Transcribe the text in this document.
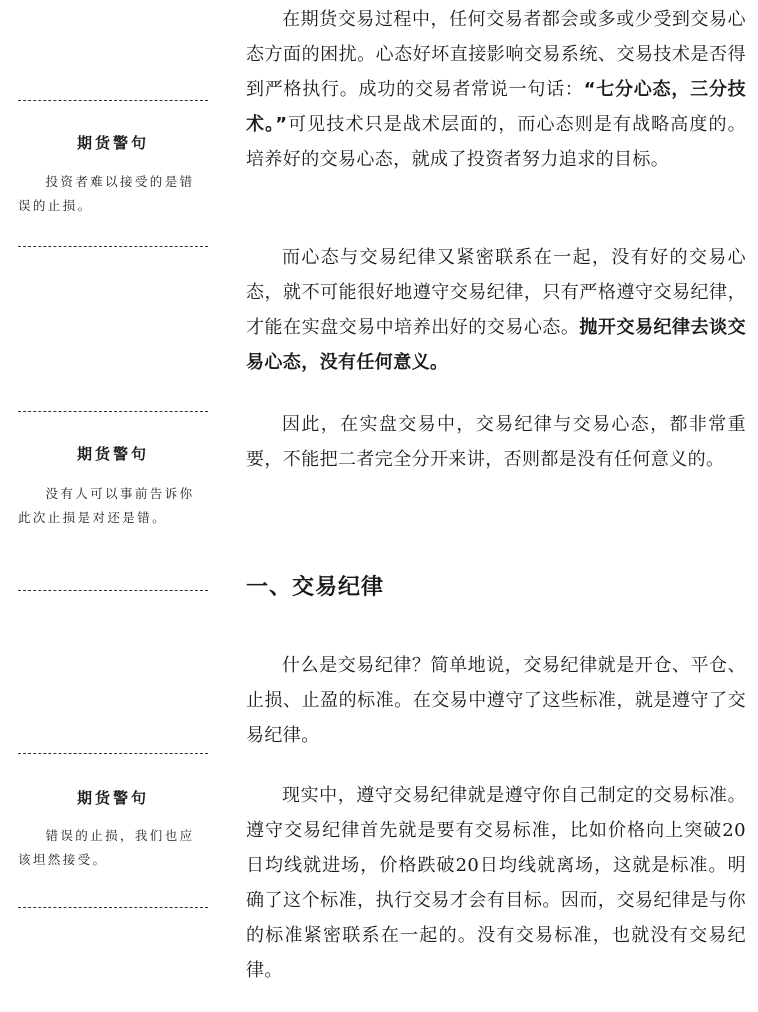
期货警句

投资者难以接受的是错误的止损。

期货警句

没有人可以事前告诉你此次止损是对还是错。

期货警句

错误的止损，我们也应该坦然接受。

在期货交易过程中，任何交易者都会或多或少受到交易心态方面的困扰。心态好坏直接影响交易系统、交易技术是否得到严格执行。成功的交易者常说一句话：“七分心态，三分技术。”可见技术只是战术层面的，而心态则是有战略高度的。培养好的交易心态，就成了投资者努力追求的目标。

而心态与交易纪律又紧密联系在一起，没有好的交易心态，就不可能很好地遵守交易纪律，只有严格遵守交易纪律，才能在实盘交易中培养出好的交易心态。抛开交易纪律去谈交易心态，没有任何意义。

因此，在实盘交易中，交易纪律与交易心态，都非常重要，不能把二者完全分开来讲，否则都是没有任何意义的。

一、交易纪律

什么是交易纪律？简单地说，交易纪律就是开仓、平仓、止损、止盈的标准。在交易中遵守了这些标准，就是遵守了交易纪律。

现实中，遵守交易纪律就是遵守你自己制定的交易标准。遵守交易纪律首先就是要有交易标准，比如价格向上突破20日均线就进场，价格跌破20日均线就离场，这就是标准。明确了这个标准，执行交易才会有目标。因而，交易纪律是与你的标准紧密联系在一起的。没有交易标准，也就没有交易纪律。
